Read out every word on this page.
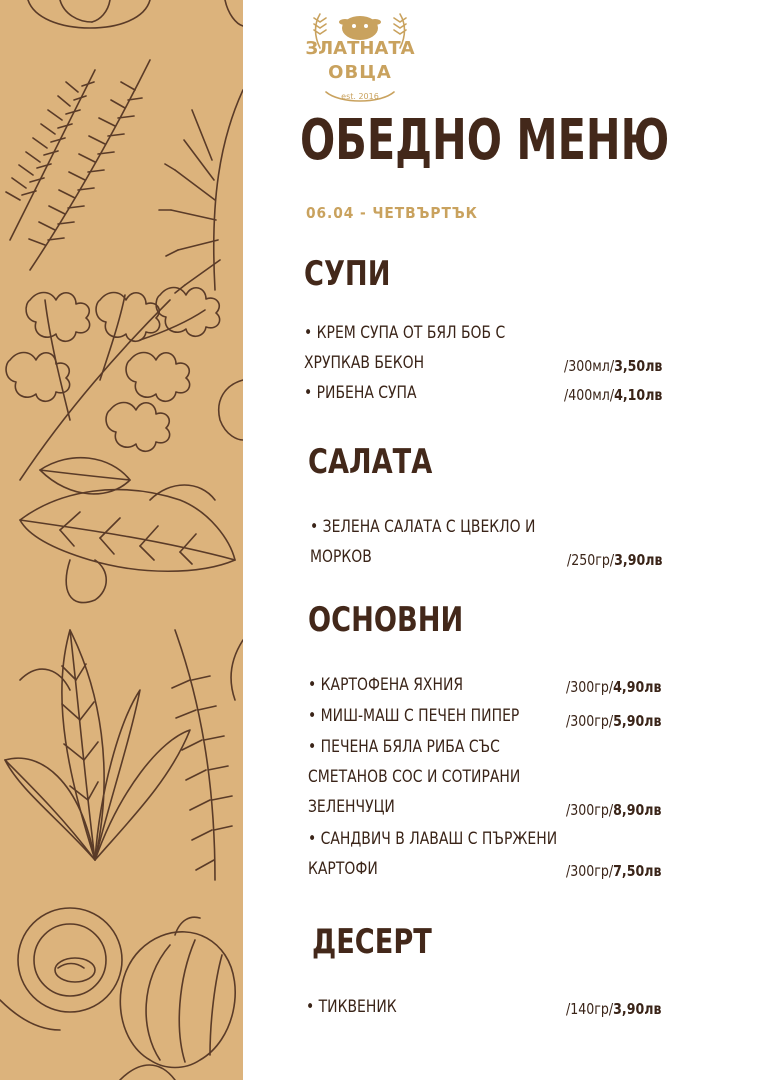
ЗЛАТНАТА
ОВЦА
est. 2016
ОБЕДНО МЕНЮ
06.04 - ЧЕТВЪРТЪК
СУПИ
• КРЕМ СУПА ОТ БЯЛ БОБ С
ХРУПКАВ БЕКОН	/300мл/3,50лв
• РИБЕНА СУПА	/400мл/4,10лв
САЛАТА
• ЗЕЛЕНА САЛАТА С ЦВЕКЛО И
МОРКОВ	/250гр/3,90лв
ОСНОВНИ
• КАРТОФЕНА ЯХНИЯ	/300гр/4,90лв
• МИШ-МАШ С ПЕЧЕН ПИПЕР	/300гр/5,90лв
• ПЕЧЕНА БЯЛА РИБА СЪС
СМЕТАНОВ СОС И СОТИРАНИ
ЗЕЛЕНЧУЦИ	/300гр/8,90лв
• САНДВИЧ В ЛАВАШ С ПЪРЖЕНИ
КАРТОФИ	/300гр/7,50лв
ДЕСЕРТ
• ТИКВЕНИК	/140гр/3,90лв
